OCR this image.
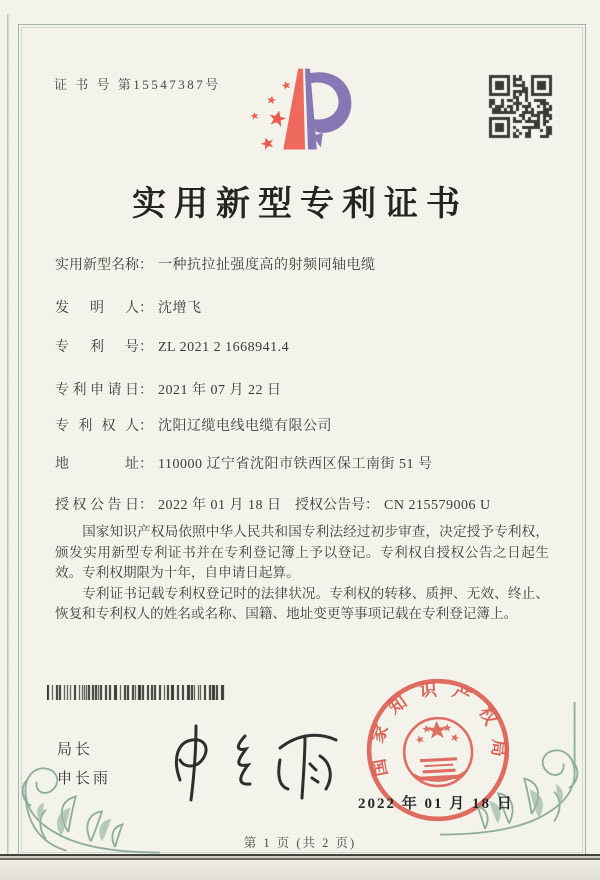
证 书 号 第15547387号
实用新型专利证书
实用新型名称： 一种抗拉扯强度高的射频同轴电缆
发明人： 沈增飞
专利号： ZL 2021 2 1668941.4
专利申请日： 2021 年 07 月 22 日
专利权人： 沈阳辽缆电线电缆有限公司
地址： 110000 辽宁省沈阳市铁西区保工南街 51 号
授权公告日： 2022 年 01 月 18 日 授权公告号： CN 215579006 U

国家知识产权局依照中华人民共和国专利法经过初步审查，决定授予专利权，颁发实用新型专利证书并在专利登记簿上予以登记。专利权自授权公告之日起生效。专利权期限为十年，自申请日起算。

专利证书记载专利权登记时的法律状况。专利权的转移、质押、无效、终止、恢复和专利权人的姓名或名称、国籍、地址变更等事项记载在专利登记簿上。

局长
申长雨
国家知识产权局
2022 年 01 月 18 日
第 1 页 (共 2 页)
